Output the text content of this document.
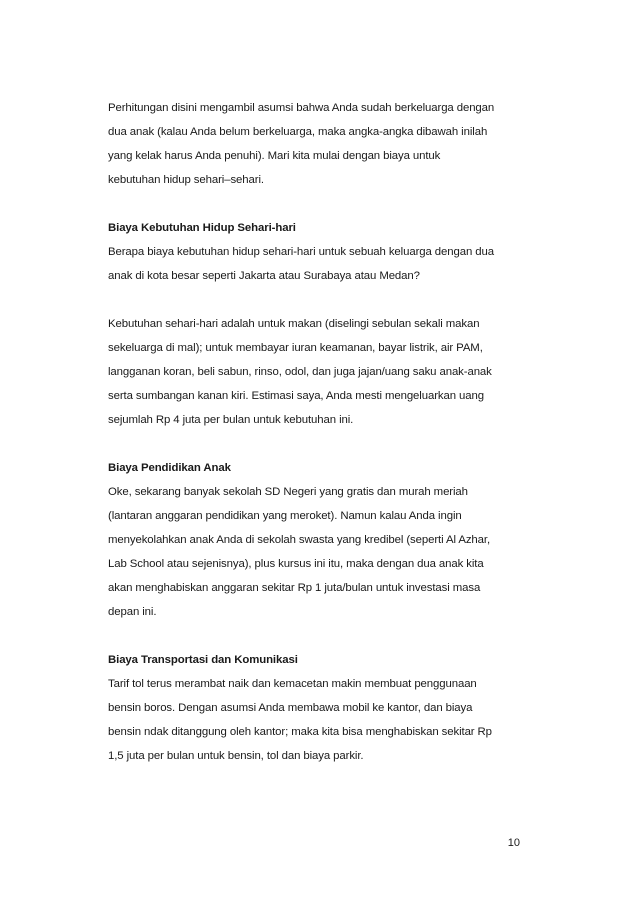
Perhitungan disini mengambil asumsi bahwa Anda sudah berkeluarga dengan
dua anak (kalau Anda belum berkeluarga, maka angka-angka dibawah inilah
yang kelak harus Anda penuhi). Mari kita mulai dengan biaya untuk
kebutuhan hidup sehari–sehari.
Biaya Kebutuhan Hidup Sehari-hari
Berapa biaya kebutuhan hidup sehari-hari untuk sebuah keluarga dengan dua
anak di kota besar seperti Jakarta atau Surabaya atau Medan?
Kebutuhan sehari-hari adalah untuk makan (diselingi sebulan sekali makan
sekeluarga di mal); untuk membayar iuran keamanan, bayar listrik, air PAM,
langganan koran, beli sabun, rinso, odol, dan juga jajan/uang saku anak-anak
serta sumbangan kanan kiri. Estimasi saya, Anda mesti mengeluarkan uang
sejumlah Rp 4 juta per bulan untuk kebutuhan ini.
Biaya Pendidikan Anak
Oke, sekarang banyak sekolah SD Negeri yang gratis dan murah meriah
(lantaran anggaran pendidikan yang meroket). Namun kalau Anda ingin
menyekolahkan anak Anda di sekolah swasta yang kredibel (seperti Al Azhar,
Lab School atau sejenisnya), plus kursus ini itu, maka dengan dua anak kita
akan menghabiskan anggaran sekitar Rp 1 juta/bulan untuk investasi masa
depan ini.
Biaya Transportasi dan Komunikasi
Tarif tol terus merambat naik dan kemacetan makin membuat penggunaan
bensin boros. Dengan asumsi Anda membawa mobil ke kantor, dan biaya
bensin ndak ditanggung oleh kantor; maka kita bisa menghabiskan sekitar Rp
1,5 juta per bulan untuk bensin, tol dan biaya parkir.
10
